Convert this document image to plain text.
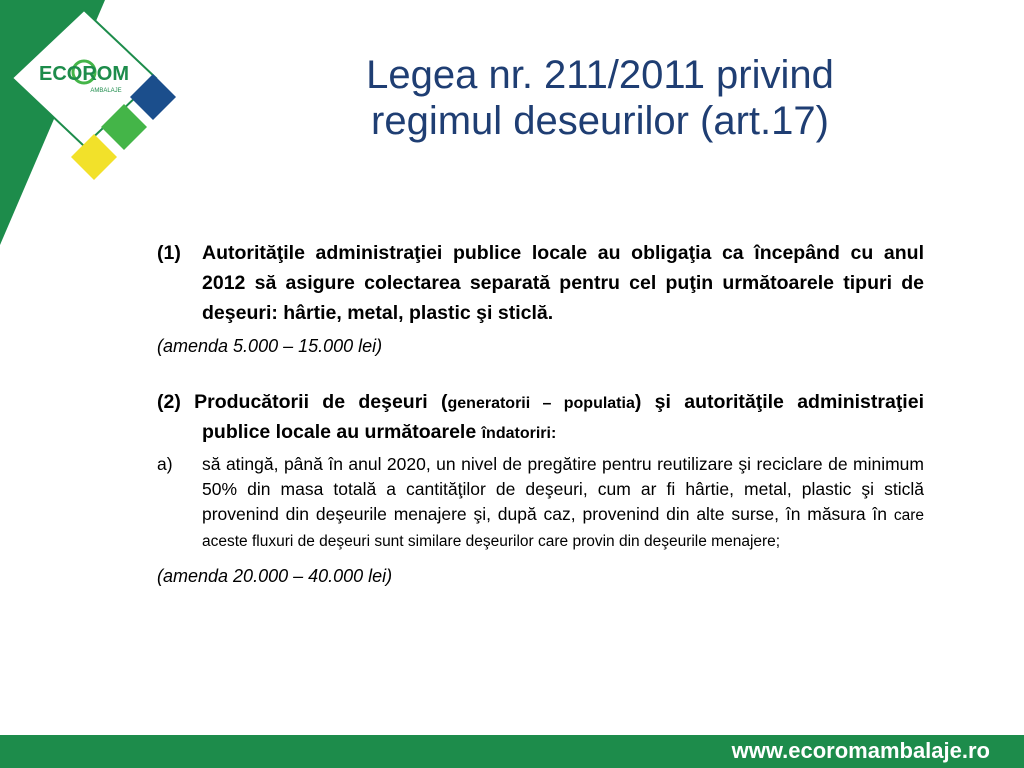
ECOROM
AMBALAJE	Legea nr. 211/2011 privind
regimul deseurilor (art.17)
(1)	Autorităţile administraţiei publice locale au obligaţia ca începând cu anul 2012 să asigure colectarea separată pentru cel puţin următoarele tipuri de deşeuri: hârtie, metal, plastic şi sticlă.
(amenda 5.000 – 15.000 lei)
(2) Producătorii de deşeuri (generatorii – populatia) şi autorităţile administraţiei publice locale au următoarele îndatoriri:
a)	să atingă, până în anul 2020, un nivel de pregătire pentru reutilizare şi reciclare de minimum 50% din masa totală a cantităţilor de deşeuri, cum ar fi hârtie, metal, plastic şi sticlă provenind din deşeurile menajere şi, după caz, provenind din alte surse, în măsura în care aceste fluxuri de deşeuri sunt similare deşeurilor care provin din deşeurile menajere;
(amenda 20.000 – 40.000 lei)
www.ecoromambalaje.ro
